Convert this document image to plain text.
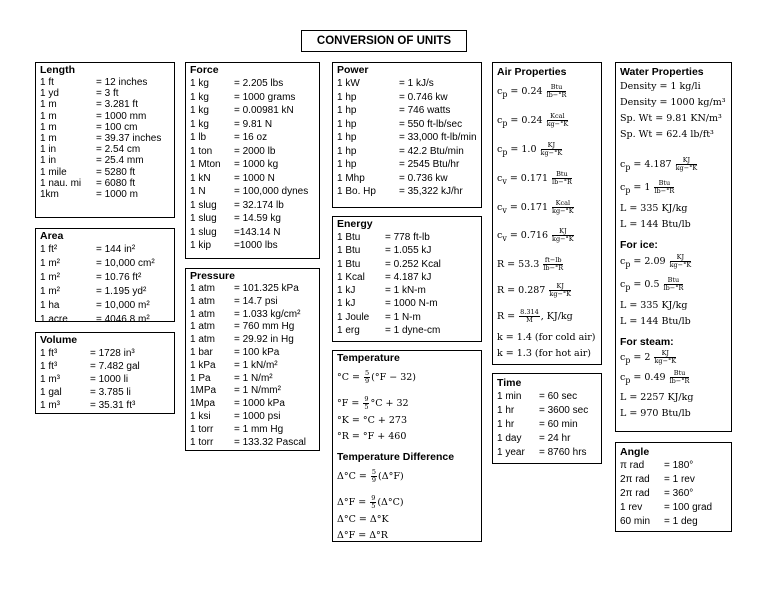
CONVERSION OF UNITS
Length
1 ft	= 12 inches
1 yd	= 3 ft
1 m	= 3.281 ft
1 m	= 1000 mm
1 m	= 100 cm
1 m	= 39.37 inches
1 in	= 2.54 cm
1 in	= 25.4 mm
1 mile	= 5280 ft
1 nau. mi	= 6080 ft
1km	= 1000 m
Area
1 ft²	= 144 in²
1 m²	= 10,000 cm²
1 m²	= 10.76 ft²
1 m²	= 1.195 yd²
1 ha	= 10,000 m²
1 acre	= 4046.8 m²
Volume
1 ft³	= 1728 in³
1 ft³	= 7.482 gal
1 m³	= 1000 li
1 gal	= 3.785 li
1 m³	= 35.31 ft³
Force
1 kg	= 2.205 lbs
1 kg	= 1000 grams
1 kg	= 0.00981 kN
1 kg	= 9.81 N
1 lb	= 16 oz
1 ton	= 2000 lb
1 Mton	= 1000 kg
1 kN	= 1000 N
1 N	= 100,000 dynes
1 slug	= 32.174 lb
1 slug	= 14.59 kg
1 slug	=143.14 N
1 kip	=1000 lbs
Pressure
1 atm	= 101.325 kPa
1 atm	= 14.7 psi
1 atm	= 1.033 kg/cm²
1 atm	= 760 mm Hg
1 atm	= 29.92 in Hg
1 bar	= 100 kPa
1 kPa	= 1 kN/m²
1 Pa	= 1 N/m²
1MPa	= 1 N/mm²
1Mpa	= 1000 kPa
1 ksi	= 1000 psi
1 torr	= 1 mm Hg
1 torr	= 133.32 Pascal
Power
1 kW	= 1 kJ/s
1 hp	= 0.746 kw
1 hp	= 746 watts
1 hp	= 550 ft-lb/sec
1 hp	= 33,000 ft-lb/min
1 hp	= 42.2 Btu/min
1 hp	= 2545 Btu/hr
1 Mhp	= 0.736 kw
1 Bo. Hp	= 35,322 kJ/hr
Energy
1 Btu	= 778 ft-lb
1 Btu	= 1.055 kJ
1 Btu	= 0.252 Kcal
1 Kcal	= 4.187 kJ
1 kJ	= 1 kN-m
1 kJ	= 1000 N-m
1 Joule	= 1 N-m
1 erg	= 1 dyne-cm
Temperature
$^\circ C = \frac{5}{9} (^\circ F - 32)$
$^\circ F = \frac{9}{5} ^\circ C + 32$
°K = °C + 273
°R = °F + 460
Temperature Difference
$\Delta^\circ C = \frac{5}{9} (\Delta^\circ F)$
$\Delta^\circ F = \frac{9}{5} (\Delta^\circ C)$
Δ°C = Δ°K
Δ°F = Δ°R
Air Properties
$c_p = 0.24 \frac{\text{Btu}}{lb-^\circ R}$
$c_p = 0.24 \frac{\text{Kcal}}{kg-^\circ K}$
$c_p = 1.0 \frac{KJ}{kg-^\circ K}$
$c_v = 0.171 \frac{\text{Btu}}{lb-^\circ R}$
$c_v = 0.171 \frac{\text{Kcal}}{kg-^\circ K}$
$c_v = 0.716 \frac{KJ}{kg-^\circ K}$
$R = 53.3 \frac{ft-lb}{lb-^\circ R}$
$R = 0.287 \frac{KJ}{kg-^\circ K}$
$R = \frac{8.314}{M}$ , KJ/kg
k = 1.4 (for cold air)
k = 1.3 (for hot air)
Time
1 min	= 60 sec
1 hr	= 3600 sec
1 hr	= 60 min
1 day	= 24 hr
1 year	= 8760 hrs
Water Properties
Density = 1 kg/li
Density = 1000 kg/m³
Sp. Wt = 9.81 KN/m³
Sp. Wt = 62.4 lb/ft³
$c_p = 4.187 \frac{KJ}{kg-^\circ K}$
$c_p = 1 \frac{\text{Btu}}{lb-^\circ R}$
L = 335 KJ/kg
L = 144 Btu/lb
For ice:
$c_p = 2.09 \frac{KJ}{kg-^\circ K}$
$c_p = 0.5 \frac{\text{Btu}}{lb-^\circ R}$
L = 335 KJ/kg
L = 144 Btu/lb
For steam:
$c_p = 2 \frac{KJ}{kg-^\circ K}$
$c_p = 0.49 \frac{\text{Btu}}{lb-^\circ R}$
L = 2257 KJ/kg
L = 970 Btu/lb
Angle
π rad	= 180°
2π rad	= 1 rev
2π rad	= 360°
1 rev	= 100 grad
60 min	= 1 deg
